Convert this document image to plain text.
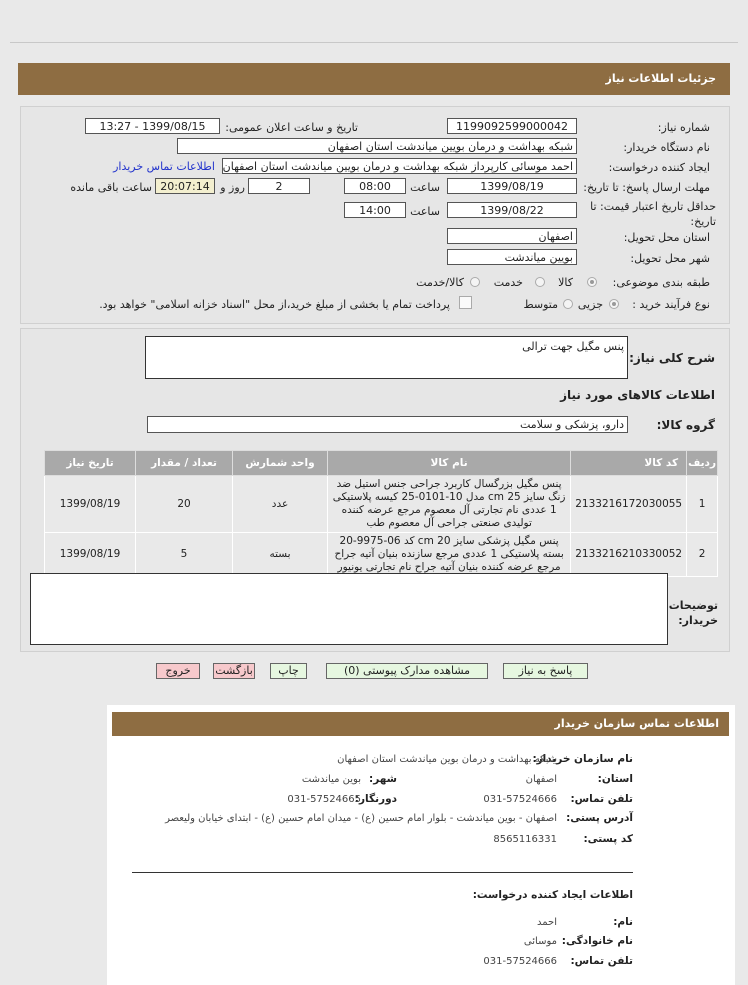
جزئیات اطلاعات نیاز
شماره نیاز:
1199092599000042
تاریخ و ساعت اعلان عمومی:
1399/08/15 - 13:27
نام دستگاه خریدار:
شبکه بهداشت و درمان بویین میاندشت استان اصفهان
ایجاد کننده درخواست:
احمد موسائی کارپرداز شبکه بهداشت و درمان بویین میاندشت استان اصفهان
اطلاعات تماس خریدار
مهلت ارسال پاسخ: تا تاریخ:
1399/08/19
ساعت
08:00
2
روز و
20:07:14
ساعت باقی مانده
حداقل تاریخ اعتبار قیمت: تا تاریخ:
1399/08/22
ساعت
14:00
استان محل تحویل:
اصفهان
شهر محل تحویل:
بویین میاندشت
طبقه بندی موضوعی:
کالا
خدمت
کالا/خدمت
نوع فرآیند خرید :
جزیی
متوسط
پرداخت تمام یا بخشی از مبلغ خرید،از محل "اسناد خزانه اسلامی" خواهد بود.
شرح کلی نیاز:
پنس مگیل جهت ترالی
اطلاعات کالاهای مورد نیاز
گروه کالا:
دارو، پزشکی و سلامت
ردیف	کد کالا	نام کالا	واحد شمارش	تعداد / مقدار	تاریخ نیاز
1	2133216172030055	پنس مگیل بزرگسال کاربرد جراحی جنس استیل ضد زنگ سایز 25 cm مدل 10-0101-25 کیسه پلاستیکی 1 عددی نام تجارتی آل معصوم مرجع عرضه کننده تولیدی صنعتی جراحی آل معصوم طب	عدد	20	1399/08/19
2	2133216210330052	پنس مگیل پزشکی سایز 20 cm کد 06-9975-20 بسته پلاستیکی 1 عددی مرجع سازنده بنیان آتیه جراح مرجع عرضه کننده بنیان آتیه جراح نام تجارتی یونیور	بسته	5	1399/08/19
توضیحات خریدار:
پاسخ به نیاز
مشاهده مدارک پیوستی (0)
چاپ
بازگشت
خروج
اطلاعات تماس سازمان خریدار
نام سازمان خریدار:
شبکه بهداشت و درمان بوین میاندشت استان اصفهان
استان:
اصفهان
شهر:
بوین میاندشت
تلفن تماس:
031-57524666
دورنگار:
031-57524665
آدرس پستی:
اصفهان - بوین میاندشت - بلوار امام حسین (ع) - میدان امام حسین (ع) - ابتدای خیابان ولیعصر
کد پستی:
8565116331
اطلاعات ایجاد کننده درخواست:
نام:
احمد
نام خانوادگی:
موسائی
تلفن تماس:
031-57524666
